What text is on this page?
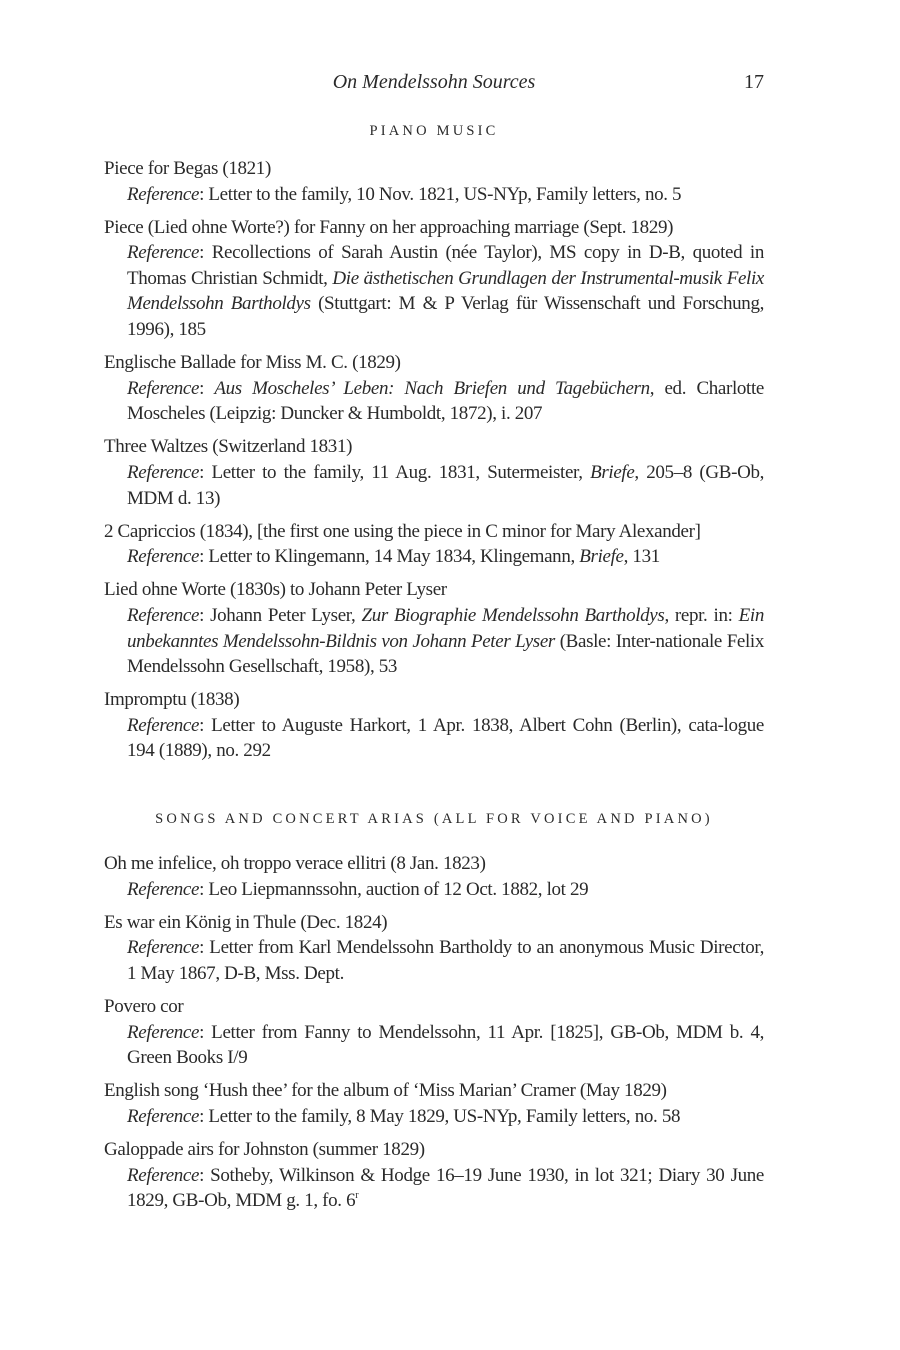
On Mendelssohn Sources	17
PIANO MUSIC
Piece for Begas (1821)
Reference: Letter to the family, 10 Nov. 1821, US-NYp, Family letters, no. 5
Piece (Lied ohne Worte?) for Fanny on her approaching marriage (Sept. 1829)
Reference: Recollections of Sarah Austin (née Taylor), MS copy in D-B, quoted in Thomas Christian Schmidt, Die ästhetischen Grundlagen der Instrumental-musik Felix Mendelssohn Bartholdys (Stuttgart: M & P Verlag für Wissenschaft und Forschung, 1996), 185
Englische Ballade for Miss M. C. (1829)
Reference: Aus Moscheles’ Leben: Nach Briefen und Tagebüchern, ed. Charlotte Moscheles (Leipzig: Duncker & Humboldt, 1872), i. 207
Three Waltzes (Switzerland 1831)
Reference: Letter to the family, 11 Aug. 1831, Sutermeister, Briefe, 205–8 (GB-Ob, MDM d. 13)
2 Capriccios (1834), [the first one using the piece in C minor for Mary Alexander]
Reference: Letter to Klingemann, 14 May 1834, Klingemann, Briefe, 131
Lied ohne Worte (1830s) to Johann Peter Lyser
Reference: Johann Peter Lyser, Zur Biographie Mendelssohn Bartholdys, repr. in: Ein unbekanntes Mendelssohn-Bildnis von Johann Peter Lyser (Basle: Inter-nationale Felix Mendelssohn Gesellschaft, 1958), 53
Impromptu (1838)
Reference: Letter to Auguste Harkort, 1 Apr. 1838, Albert Cohn (Berlin), cata-logue 194 (1889), no. 292
SONGS AND CONCERT ARIAS (ALL FOR VOICE AND PIANO)
Oh me infelice, oh troppo verace ellitri (8 Jan. 1823)
Reference: Leo Liepmannssohn, auction of 12 Oct. 1882, lot 29
Es war ein König in Thule (Dec. 1824)
Reference: Letter from Karl Mendelssohn Bartholdy to an anonymous Music Director, 1 May 1867, D-B, Mss. Dept.
Povero cor
Reference: Letter from Fanny to Mendelssohn, 11 Apr. [1825], GB-Ob, MDM b. 4, Green Books I/9
English song ‘Hush thee’ for the album of ‘Miss Marian’ Cramer (May 1829)
Reference: Letter to the family, 8 May 1829, US-NYp, Family letters, no. 58
Galoppade airs for Johnston (summer 1829)
Reference: Sotheby, Wilkinson & Hodge 16–19 June 1930, in lot 321; Diary 30 June 1829, GB-Ob, MDM g. 1, fo. 6$^r$
